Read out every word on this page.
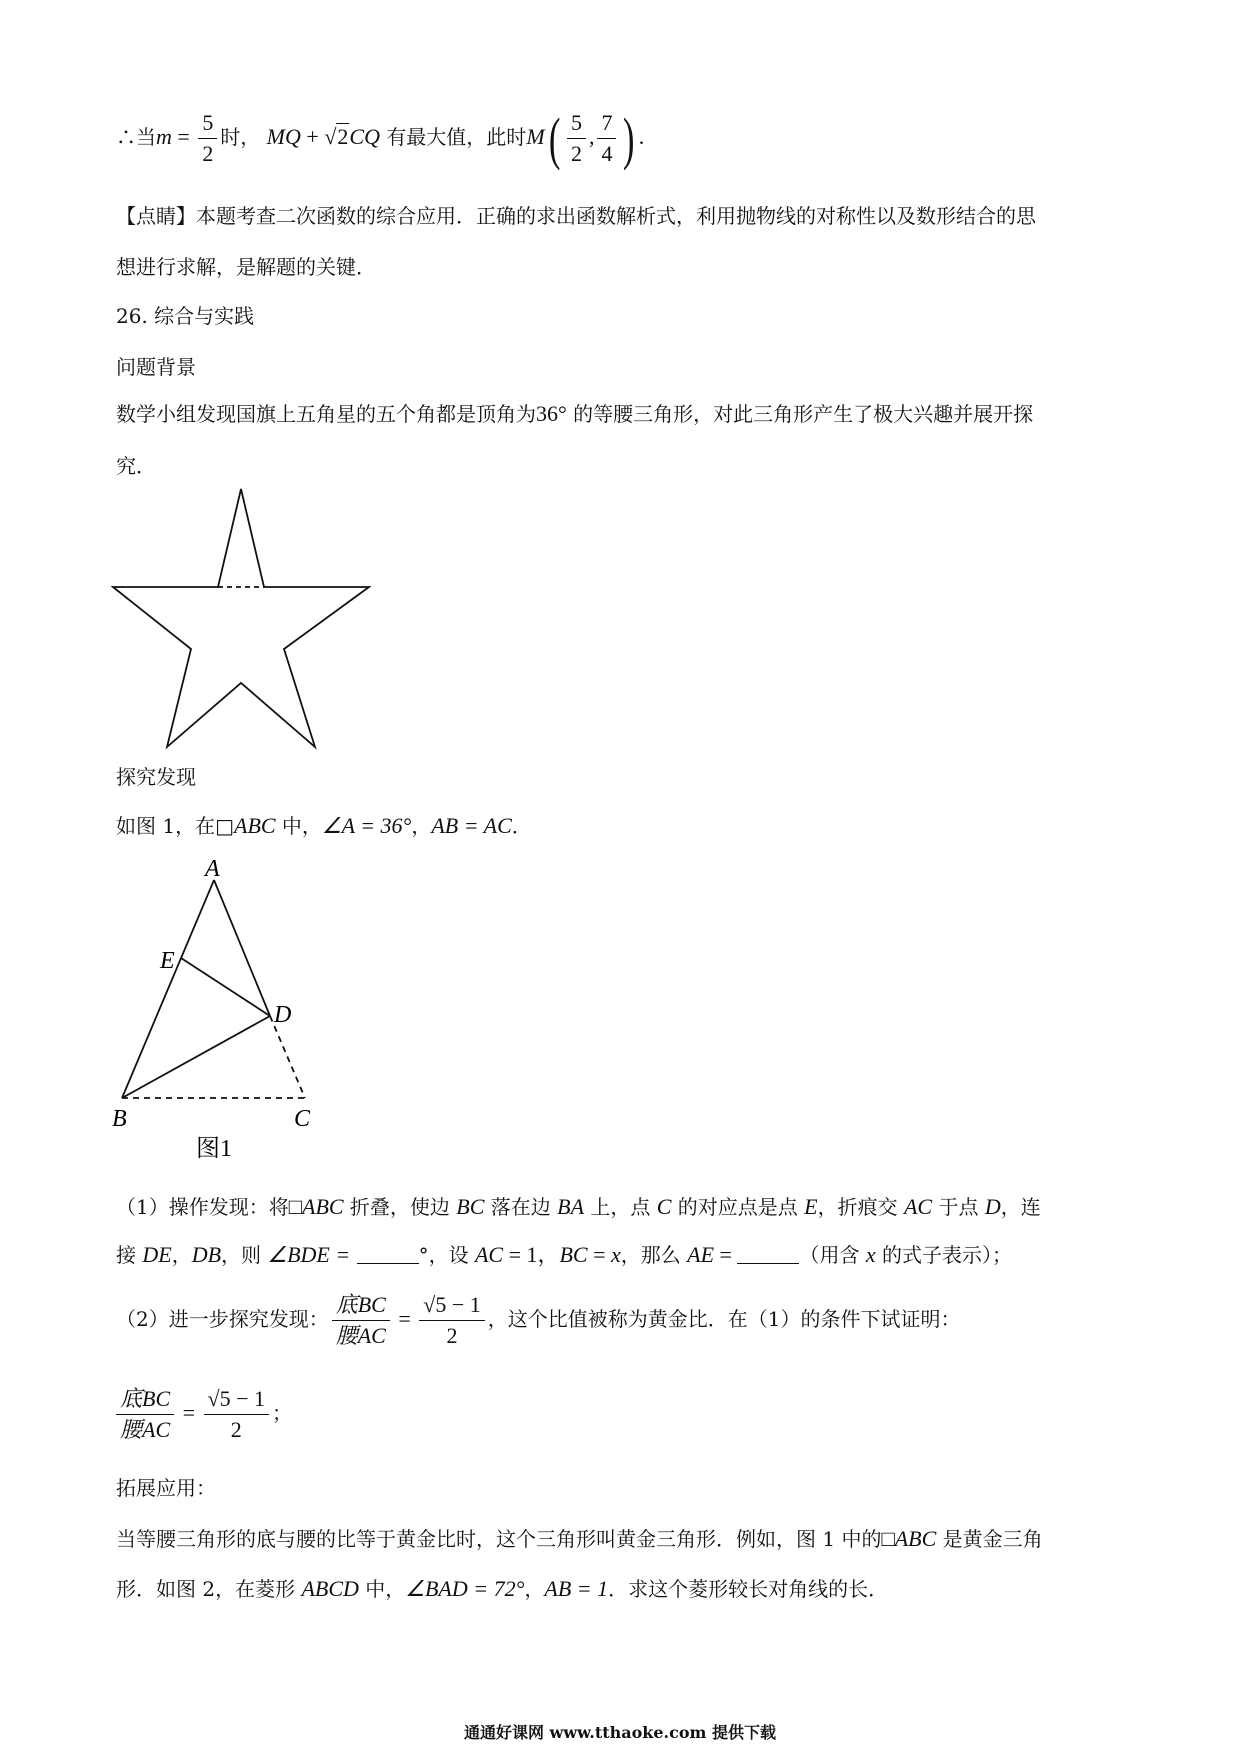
∴当$m = \frac{5}{2}$ 时， MQ + √2CQ 有最大值，此时$M( \frac{5}{2}$ , $\frac{7}{4}$ ) .
【点睛】本题考查二次函数的综合应用．正确的求出函数解析式，利用抛物线的对称性以及数形结合的思
想进行求解，是解题的关键．
26. 综合与实践
问题背景
数学小组发现国旗上五角星的五个角都是顶角为36° 的等腰三角形，对此三角形产生了极大兴趣并展开探
究．
探究发现
如图 1，在□ABC 中，∠A = 36°，AB = AC．
A
E
D
B	C
图1
（1）操作发现：将□ABC 折叠，使边 BC 落在边 BA 上，点 C 的对应点是点 E，折痕交 AC 于点 D，连
接 DE，DB，则 ∠BDE =	°，设 AC = 1，BC = x，那么 AE =	（用含 x 的式子表示）；
（2）进一步探究发现： $\frac{\text{底BC}}{\text{腰AC}} = \frac{√5 - 1}{2}$ ，这个比值被称为黄金比．在（1）的条件下试证明：
$\frac{\text{底BC}}{\text{腰AC}} = \frac{√5 - 1}{2}$ ；
拓展应用：
当等腰三角形的底与腰的比等于黄金比时，这个三角形叫黄金三角形．例如，图 1 中的□ABC 是黄金三角
形．如图 2，在菱形 ABCD 中，∠BAD = 72°，AB = 1．求这个菱形较长对角线的长．
通通好课网 www.tthaoke.com 提供下载
